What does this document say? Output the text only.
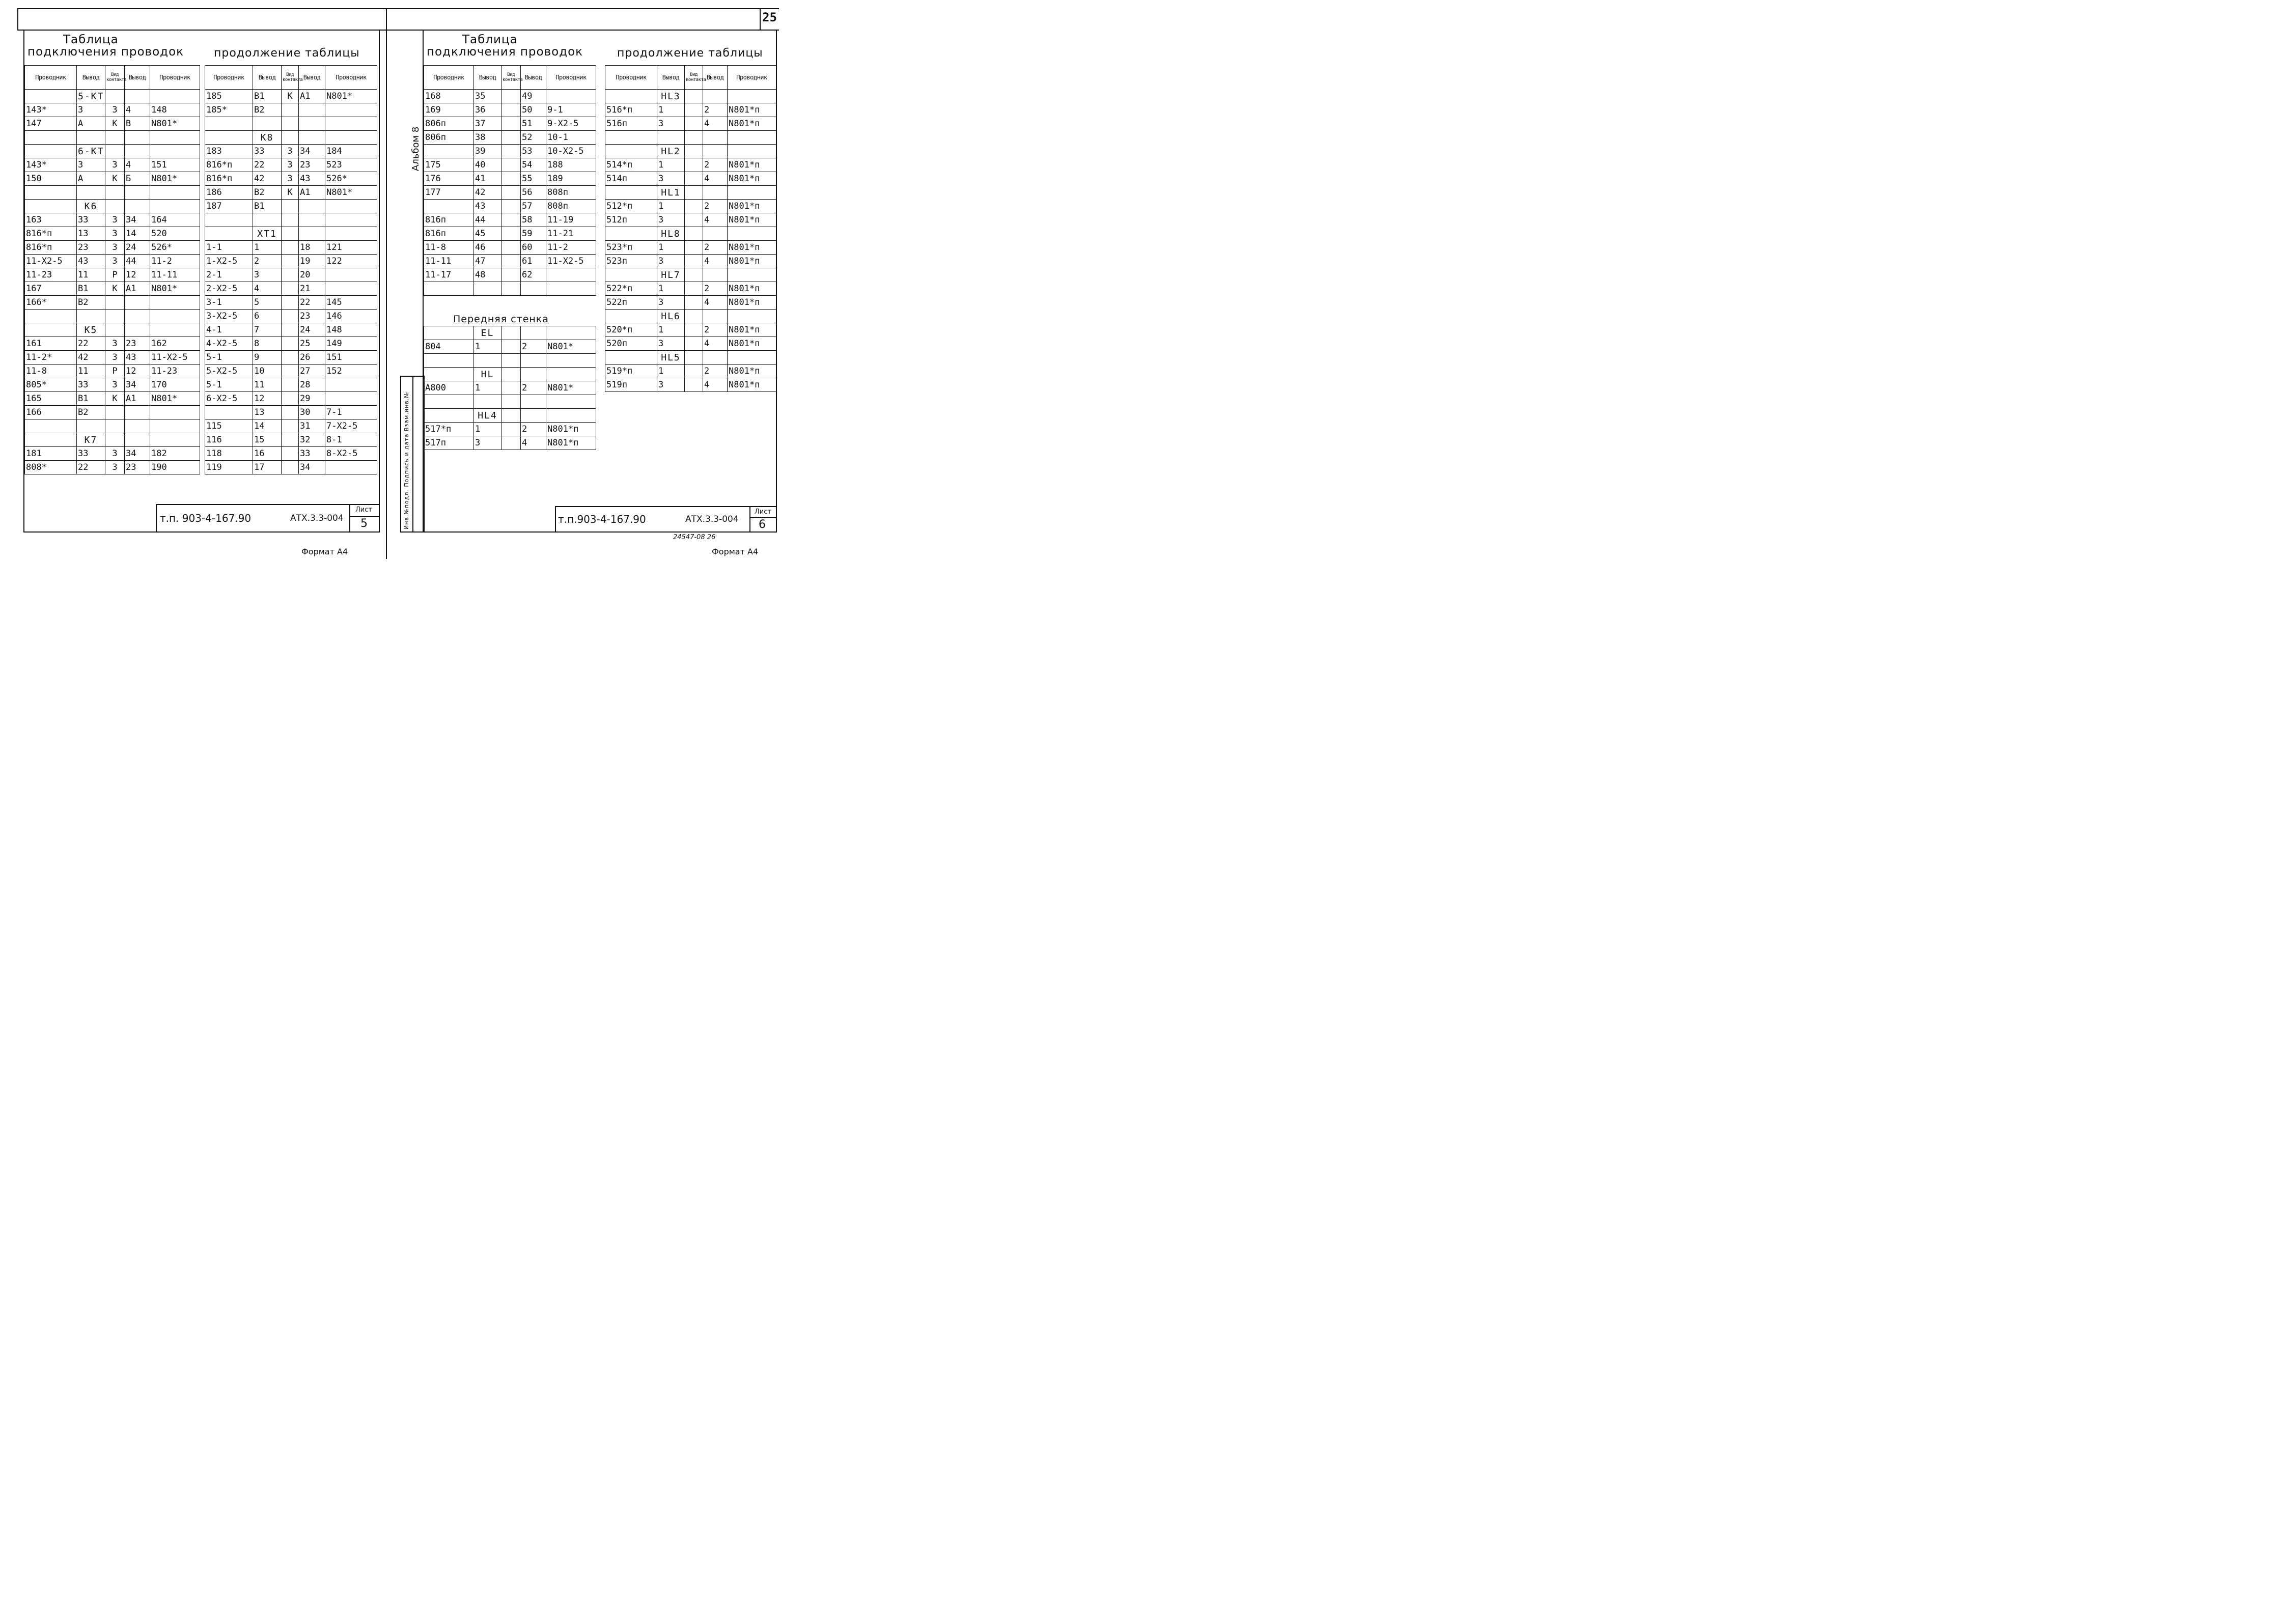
25
Таблица
подключения проводок	продолжение таблицы
Проводник	Вывод	Вид контакта	Вывод	Проводник
	5-КТ			
143*	3	3	4	148
147	А	К	В	N801*

	6-КТ			
143*	3	3	4	151
150	А	К	Б	N801*

	К6			
163	33	3	34	164
816*п	13	3	14	520
816*п	23	3	24	526*
11-Х2-5	43	3	44	11-2
11-23	11	Р	12	11-11
167	В1	К	А1	N801*
166*	В2			

	К5			
161	22	3	23	162
11-2*	42	3	43	11-Х2-5
11-8	11	Р	12	11-23
805*	33	3	34	170
165	В1	К	А1	N801*
166	В2			

	К7			
181	33	3	34	182
808*	22	3	23	190
Проводник	Вывод	Вид контакта	Вывод	Проводник
185	В1	К	А1	N801*
185*	В2			

	К8			
183	33	3	34	184
816*п	22	3	23	523
816*п	42	3	43	526*
186	В2	К	А1	N801*
187	В1			

	ХТ1			
1-1	1		18	121
1-Х2-5	2		19	122
2-1	3		20	
2-Х2-5	4		21	
3-1	5		22	145
3-Х2-5	6		23	146
4-1	7		24	148
4-Х2-5	8		25	149
5-1	9		26	151
5-Х2-5	10		27	152
5-1	11		28	
6-Х2-5	12		29	
	13		30	7-1
115	14		31	7-Х2-5
116	15		32	8-1
118	16		33	8-Х2-5
119	17		34	
т.п. 903-4-167.90	АТХ.3.3-004
Лист
5
Формат А4
Альбом 8
Инв.№подл. Подпись и дата Взам.инв.№
Таблица
подключения проводок	продолжение таблицы
Проводник	Вывод	Вид контакта	Вывод	Проводник
168	35		49	
169	36		50	9-1
806п	37		51	9-Х2-5
806п	38		52	10-1
	39		53	10-Х2-5
175	40		54	188
176	41		55	189
177	42		56	808п
	43		57	808п
816п	44		58	11-19
816п	45		59	11-21
11-8	46		60	11-2
11-11	47		61	11-Х2-5
11-17	48		62	

Передняя стенка
	EL			
804	1		2	N801*

	HL			
А800	1		2	N801*

	HL4			
517*п	1		2	N801*п
517п	3		4	N801*п
Проводник	Вывод	Вид контакта	Вывод	Проводник
	HL3			
516*п	1		2	N801*п
516п	3		4	N801*п

	HL2			
514*п	1		2	N801*п
514п	3		4	N801*п
	HL1			
512*п	1		2	N801*п
512п	3		4	N801*п
	HL8			
523*п	1		2	N801*п
523п	3		4	N801*п
	HL7			
522*п	1		2	N801*п
522п	3		4	N801*п
	HL6			
520*п	1		2	N801*п
520п	3		4	N801*п
	HL5			
519*п	1		2	N801*п
519п	3		4	N801*п
т.п.903-4-167.90	АТХ.3.3-004
Лист
6
24547-08 26
Формат А4
